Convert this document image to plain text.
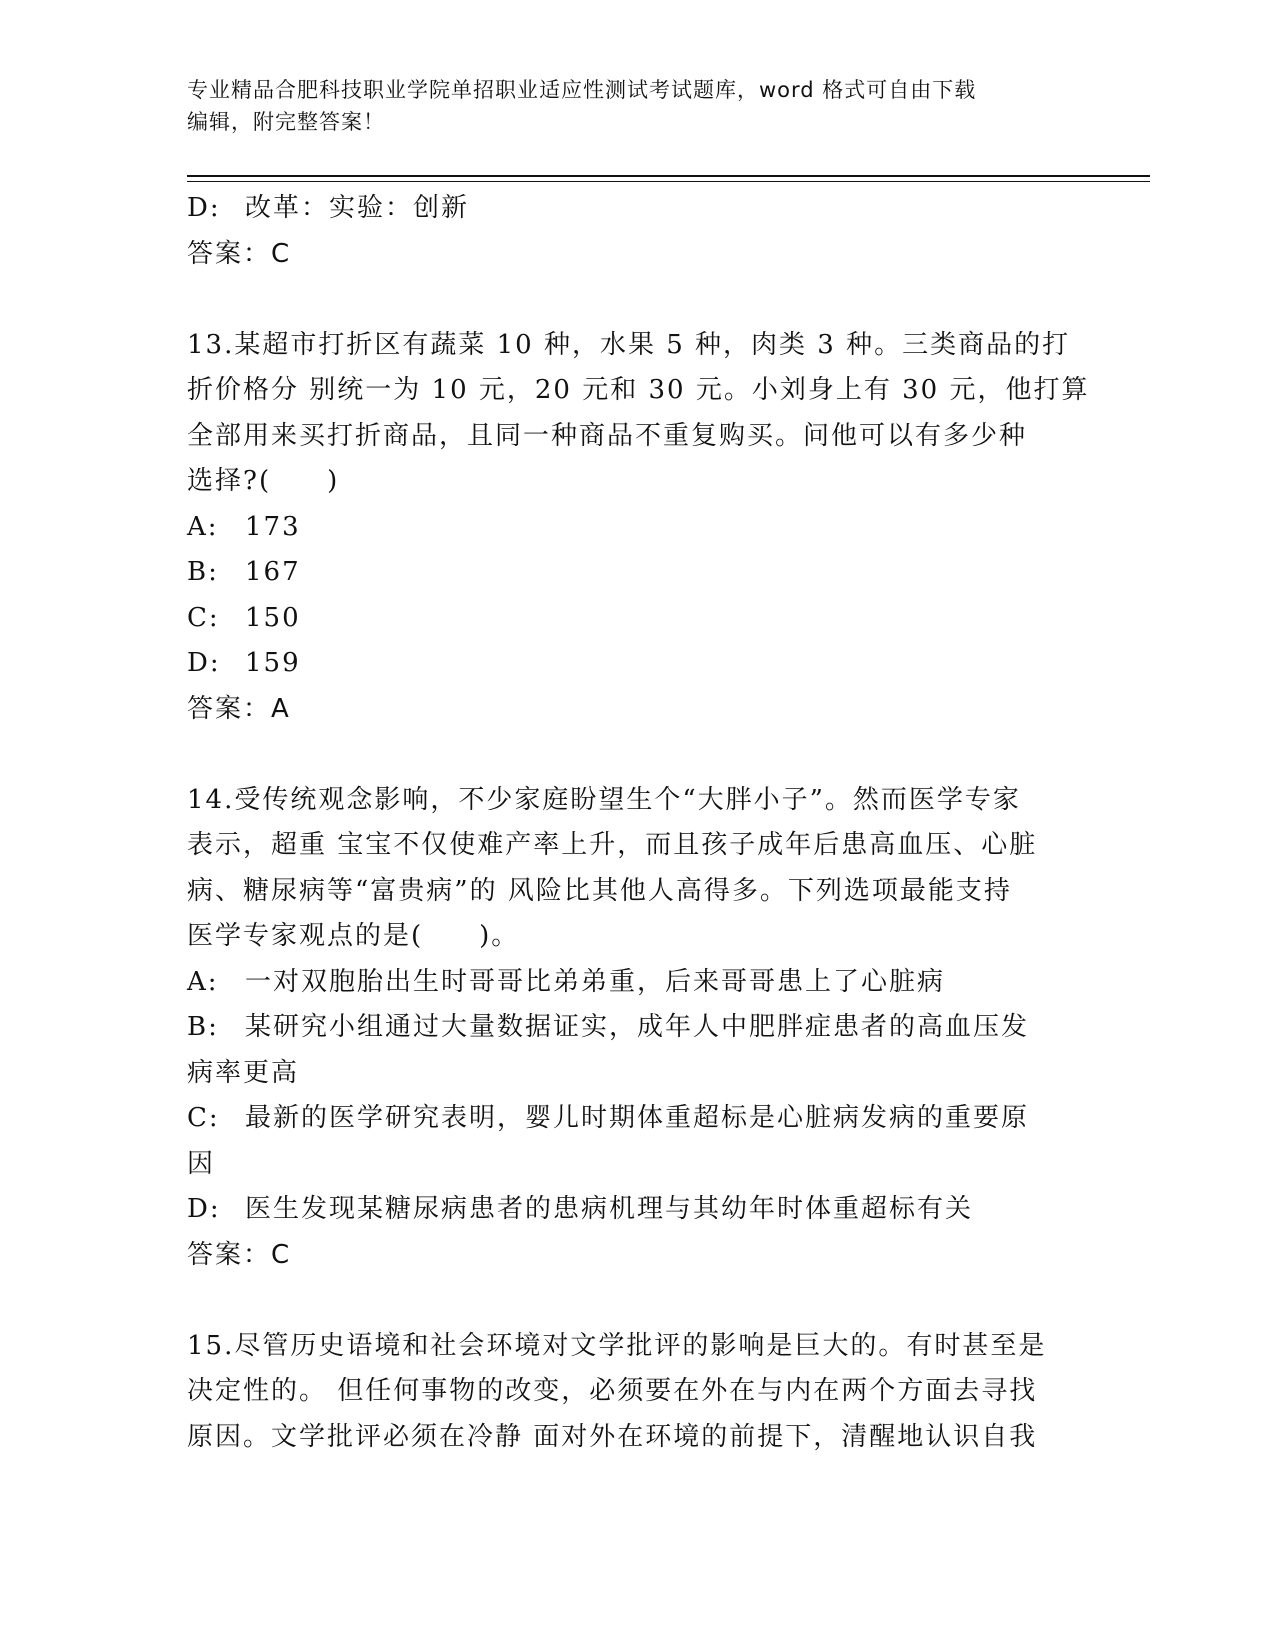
专业精品合肥科技职业学院单招职业适应性测试考试题库，word 格式可自由下载
编辑，附完整答案！
D: 改革：实验：创新
答案：C
13.某超市打折区有蔬菜 10 种，水果 5 种，肉类 3 种。三类商品的打
折价格分 别统一为 10 元，20 元和 30 元。小刘身上有 30 元，他打算
全部用来买打折商品，且同一种商品不重复购买。问他可以有多少种
选择?(　　)
A: 173
B: 167
C: 150
D: 159
答案：A
14.受传统观念影响，不少家庭盼望生个“大胖小子”。然而医学专家
表示，超重 宝宝不仅使难产率上升，而且孩子成年后患高血压、心脏
病、糖尿病等“富贵病”的 风险比其他人高得多。下列选项最能支持
医学专家观点的是(　　)。
A: 一对双胞胎出生时哥哥比弟弟重，后来哥哥患上了心脏病
B: 某研究小组通过大量数据证实，成年人中肥胖症患者的高血压发
病率更高
C: 最新的医学研究表明，婴儿时期体重超标是心脏病发病的重要原
因
D: 医生发现某糖尿病患者的患病机理与其幼年时体重超标有关
答案：C
15.尽管历史语境和社会环境对文学批评的影响是巨大的。有时甚至是
决定性的。 但任何事物的改变，必须要在外在与内在两个方面去寻找
原因。文学批评必须在冷静 面对外在环境的前提下，清醒地认识自我
